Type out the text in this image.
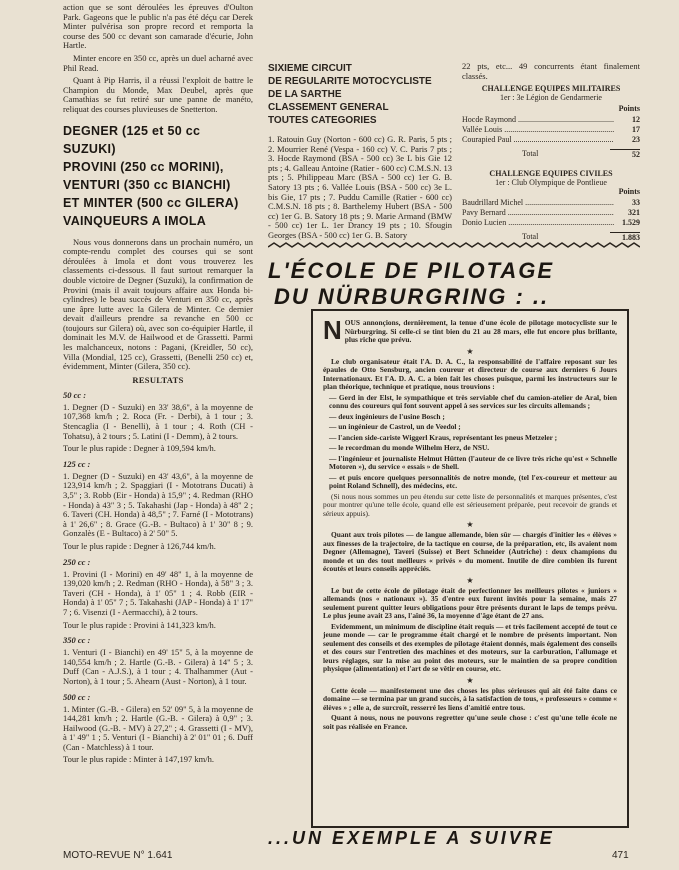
action que se sont déroulées les épreuves d'Oulton Park. Gageons que le public n'a pas été déçu car Derek Minter pulvérisa son propre record et remporta la course des 500 cc devant son camarade d'écurie, John Hartle.

Minter encore en 350 cc, après un duel acharné avec Phil Read.

Quant à Pip Harris, il a réussi l'exploit de battre le Champion du Monde, Max Deubel, après que Camathias se fut retiré sur une panne de manéto, reliquat des courses pluvieuses de Snetterton.

DEGNER (125 et 50 cc SUZUKI)

PROVINI (250 cc MORINI),

VENTURI (350 cc BIANCHI)

ET MINTER (500 cc GILERA)

VAINQUEURS A IMOLA

Nous vous donnerons dans un prochain numéro, un compte-rendu complet des courses qui se sont déroulées à Imola et dont vous trouverez les classements ci-dessous. Il faut surtout remarquer la double victoire de Degner (Suzuki), la confirmation de Provini (mais il avait toujours affaire aux Honda bi-cylindres) le beau succès de Venturi en 350 cc, après une âpre lutte avec la Gilera de Minter. Ce dernier devait d'ailleurs prendre sa revanche en 500 cc (toujours sur Gilera) où, avec son co-équipier Hartle, il dominait les M.V. de Hailwood et de Grassetti. Parmi les malchanceux, notons : Pagani, (Kreidler, 50 cc), Villa (Mondial, 125 cc), Grassetti, (Benelli 250 cc) et, évidemment, Minter (Gilera, 350 cc).

RESULTATS

50 cc :

1. Degner (D - Suzuki) en 33' 38,6", à la moyenne de 107,368 km/h ; 2. Roca (Fr. - Derbi), à 1 tour ; 3. Stencaglia (I - Benelli), à 1 tour ; 4. Roth (CH - Tohatsu), à 2 tours ; 5. Latini (I - Demm), à 2 tours.

Tour le plus rapide : Degner à 109,594 km/h.

125 cc :

1. Degner (D - Suzuki) en 43' 43,6", à la moyenne de 123,914 km/h ; 2. Spaggiari (I - Mototrans Ducati) à 3,5" ; 3. Robb (Eir - Honda) à 15,9" ; 4. Redman (RHO - Honda) à 43" 3 ; 5. Takahashi (Jap - Honda) à 48" 2 ; 6. Taveri (CH. Honda) à 48,5" ; 7. Farné (I - Mototrans) à 1' 26,6" ; 8. Grace (G.-B. - Bultaco) à 1' 30" 8 ; 9. Gonzalès (E - Bultaco) à 2' 50" 5.

Tour le plus rapide : Degner à 126,744 km/h.

250 cc :

1. Provini (I - Morini) en 49' 48" 1, à la moyenne de 139,020 km/h ; 2. Redman (RHO - Honda), à 58" 3 ; 3. Taveri (CH - Honda), à 1' 05" 1 ; 4. Robb (EIR - Honda) à 1' 05" 7 ; 5. Takahashi (JAP - Honda) à 1' 17" 7 ; 6. Visenzi (I - Aermacchi), à 2 tours.

Tour le plus rapide : Provini à 141,323 km/h.

350 cc :

1. Venturi (I - Bianchi) en 49' 15" 5, à la moyenne de 140,554 km/h ; 2. Hartle (G.-B. - Gilera) à 14" 5 ; 3. Duff (Can - A.J.S.), à 1 tour ; 4. Thalhammer (Aut - Norton), à 1 tour ; 5. Ahearn (Aust - Norton), à 1 tour.

500 cc :

1. Minter (G.-B. - Gilera) en 52' 09" 5, à la moyenne de 144,281 km/h ; 2. Hartle (G.-B. - Gilera) à 0,9" ; 3. Hailwood (G.-B. - MV) à 27,2" ; 4. Grassetti (I - MV), à 1' 49" 1 ; 5. Venturi (I - Bianchi) à 2' 01" 01 ; 6. Duff (Can - Matchless) à 1 tour.

Tour le plus rapide : Minter à 147,197 km/h.

SIXIEME CIRCUIT
DE REGULARITE MOTOCYCLISTE
DE LA SARTHE
CLASSEMENT GENERAL
TOUTES CATEGORIES

1. Ratouin Guy (Norton - 600 cc) G. R. Paris, 5 pts ; 2. Mourrier René (Vespa - 160 cc) V. C. Paris 7 pts ; 3. Hocde Raymond (BSA - 500 cc) 3e L bis Gie 12 pts ; 4. Galleau Antoine (Ratier - 600 cc) C.M.S.N. 13 pts ; 5. Philippeau Marc (BSA - 500 cc) 1er G. B. Satory 13 pts ; 6. Vallée Louis (BSA - 500 cc) 3e L. bis Gie, 17 pts ; 7. Puddu Camille (Ratier - 600 cc) C.M.S.N. 18 pts ; 8. Barthelemy Hubert (BSA - 500 cc) 1er G. B. Satory 18 pts ; 9. Marie Armand (BMW - 500 cc) 1er L. 1er Drancy 19 pts ; 10. Sfougin Georges (BSA - 500 cc) 1er G. B. Satory

22 pts, etc... 49 concurrents étant finalement classés.

CHALLENGE EQUIPES MILITAIRES

1er : 3e Légion de Gendarmerie

Points

Hocde Raymond .....	12
Vallée Louis .....	17
Courapied Paul .....	23
Total	52

CHALLENGE EQUIPES CIVILES

1er : Club Olympique de Pontlieue

Points

Baudrillard Michel .....	33
Pavy Bernard .....	321
Donio Lucien .....	1.529
Total	1.883
L'ÉCOLE DE PILOTAGE
DU NÜRBURGRING : ..

NOUS annonçions, dernièrement, la tenue d'une école de pilotage motocycliste sur le Nürburgring. Si celle-ci se tint bien du 21 au 28 mars, elle fut encore plus brillante, plus riche que prévu.

★

Le club organisateur était l'A. D. A. C., la responsabilité de l'affaire reposant sur les épaules de Otto Sensburg, ancien coureur et directeur de course aux derniers 6 Jours Internationaux. Et l'A. D. A. C. a bien fait les choses puisque, parmi les instructeurs sur le plan théorique, technique et pratique, nous trouvions :

— Gerd in der Elst, le sympathique et très serviable chef du camion-atelier de Aral, bien connu des coureurs qui font souvent appel à ses services sur les circuits allemands ;

— deux ingénieurs de l'usine Bosch ;

— un ingénieur de Castrol, un de Veedol ;

— l'ancien side-cariste Wiggerl Kraus, représentant les pneus Metzeler ;

— le recordman du monde Wilhelm Herz, de NSU.

— l'ingénieur et journaliste Helmut Hütten (l'auteur de ce livre très riche qu'est « Schnelle Motoren »), du service « essais » de Shell.

— et puis encore quelques personnalités de notre monde, (tel l'ex-coureur et metteur au point Roland Schnell), des médecins, etc.

(Si nous nous sommes un peu étendu sur cette liste de personnalités et marques présentes, c'est pour montrer qu'une telle école, quand elle est sérieusement préparée, peut recevoir de grands et sérieux appuis).

★

Quant aux trois pilotes — de langue allemande, bien sûr — chargés d'initier les « élèves » aux finesses de la trajectoire, de la tactique en course, de la préparation, etc, ils avaient nom Degner (Allemagne), Taveri (Suisse) et Bert Schneider (Autriche) : deux champions du monde et un des tout meilleurs « privés » du moment. Inutile de dire combien ils furent écoutés et leurs conseils appréciés.

★

Le but de cette école de pilotage était de perfectionner les meilleurs pilotes « juniors » allemands (nos « nationaux »). 35 d'entre eux furent invités pour la semaine, mais 27 seulement purent quitter leurs obligations pour être présents durant le laps de temps prévu. Le plus jeune avait 23 ans, l'aîné 36, la moyenne d'âge étant de 27 ans.

Evidemment, un minimum de discipline était requis — et très facilement accepté de tout ce jeune monde — car le programme était chargé et le nombre de présents important. Non seulement des conseils et des exemples de pilotage étaient donnés, mais également des conseils et des cours sur l'entretien des machines et des moteurs, sur la carburation, l'allumage et leurs réglages, sur la mise au point des moteurs, sur le maintien de sa propre condition physique (alimentation) et l'art de se vêtir en course, etc.

★

Cette école — manifestement une des choses les plus sérieuses qui ait été faite dans ce domaine — se termina par un grand succès, à la satisfaction de tous, « professeurs » comme « élèves » ; elle a, de surcroît, resserré les liens d'amitié entre tous.

Quant à nous, nous ne pouvons regretter qu'une seule chose : c'est qu'une telle école ne soit pas réalisée en France.

...UN EXEMPLE A SUIVRE
MOTO-REVUE N° 1.641	471
